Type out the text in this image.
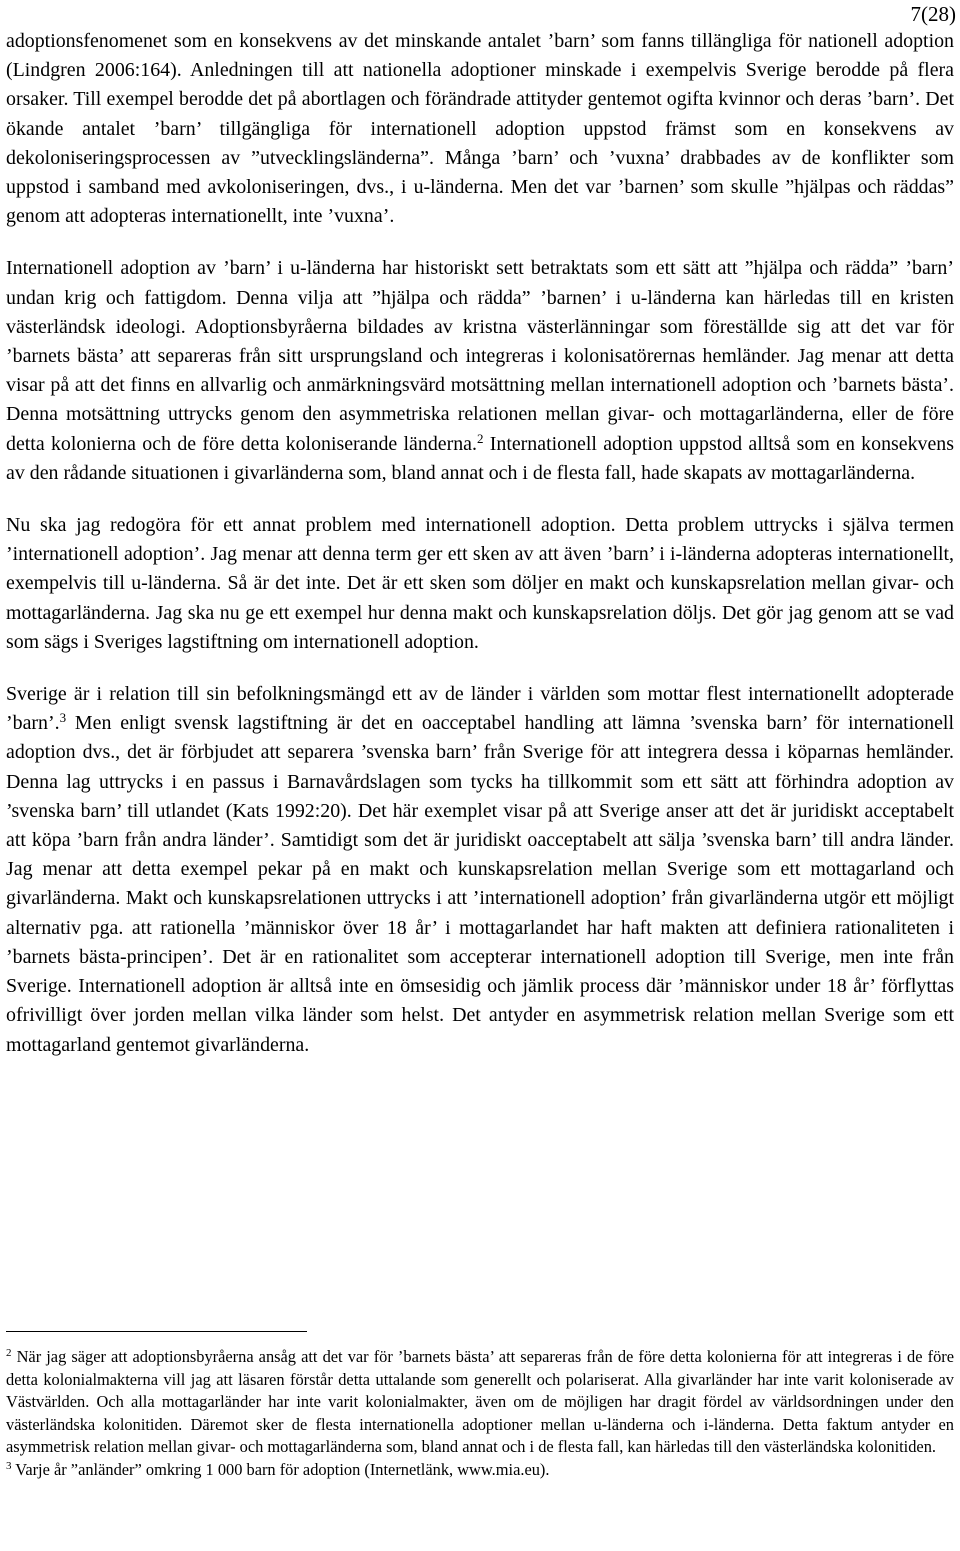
7(28)

adoptionsfenomenet som en konsekvens av det minskande antalet ’barn’ som fanns tillängliga för nationell adoption (Lindgren 2006:164). Anledningen till att nationella adoptioner minskade i exempelvis Sverige berodde på flera orsaker. Till exempel berodde det på abortlagen och förändrade attityder gentemot ogifta kvinnor och deras ’barn’. Det ökande antalet ’barn’ tillgängliga för internationell adoption uppstod främst som en konsekvens av dekoloniseringsprocessen av ”utvecklingsländerna”. Många ’barn’ och ’vuxna’ drabbades av de konflikter som uppstod i samband med avkoloniseringen, dvs., i u-länderna. Men det var ’barnen’ som skulle ”hjälpas och räddas” genom att adopteras internationellt, inte ’vuxna’.

Internationell adoption av ’barn’ i u-länderna har historiskt sett betraktats som ett sätt att ”hjälpa och rädda” ’barn’ undan krig och fattigdom. Denna vilja att ”hjälpa och rädda” ’barnen’ i u-länderna kan härledas till en kristen västerländsk ideologi. Adoptionsbyråerna bildades av kristna västerlänningar som föreställde sig att det var för ’barnets bästa’ att separeras från sitt ursprungsland och integreras i kolonisatörernas hemländer. Jag menar att detta visar på att det finns en allvarlig och anmärkningsvärd motsättning mellan internationell adoption och ’barnets bästa’. Denna motsättning uttrycks genom den asymmetriska relationen mellan givar- och mottagarländerna, eller de före detta kolonierna och de före detta koloniserande länderna.$^2$ Internationell adoption uppstod alltså som en konsekvens av den rådande situationen i givarländerna som, bland annat och i de flesta fall, hade skapats av mottagarländerna.

Nu ska jag redogöra för ett annat problem med internationell adoption. Detta problem uttrycks i själva termen ’internationell adoption’. Jag menar att denna term ger ett sken av att även ’barn’ i i-länderna adopteras internationellt, exempelvis till u-länderna. Så är det inte. Det är ett sken som döljer en makt och kunskapsrelation mellan givar- och mottagarländerna. Jag ska nu ge ett exempel hur denna makt och kunskapsrelation döljs. Det gör jag genom att se vad som sägs i Sveriges lagstiftning om internationell adoption.

Sverige är i relation till sin befolkningsmängd ett av de länder i världen som mottar flest internationellt adopterade ’barn’.$^3$ Men enligt svensk lagstiftning är det en oacceptabel handling att lämna ’svenska barn’ för internationell adoption dvs., det är förbjudet att separera ’svenska barn’ från Sverige för att integrera dessa i köparnas hemländer. Denna lag uttrycks i en passus i Barnavårdslagen som tycks ha tillkommit som ett sätt att förhindra adoption av ’svenska barn’ till utlandet (Kats 1992:20). Det här exemplet visar på att Sverige anser att det är juridiskt acceptabelt att köpa ’barn från andra länder’. Samtidigt som det är juridiskt oacceptabelt att sälja ’svenska barn’ till andra länder. Jag menar att detta exempel pekar på en makt och kunskapsrelation mellan Sverige som ett mottagarland och givarländerna. Makt och kunskapsrelationen uttrycks i att ’internationell adoption’ från givarländerna utgör ett möjligt alternativ pga. att rationella ’människor över 18 år’ i mottagarlandet har haft makten att definiera rationaliteten i ’barnets bästa-principen’. Det är en rationalitet som accepterar internationell adoption till Sverige, men inte från Sverige. Internationell adoption är alltså inte en ömsesidig och jämlik process där ’människor under 18 år’ förflyttas ofrivilligt över jorden mellan vilka länder som helst. Det antyder en asymmetrisk relation mellan Sverige som ett mottagarland gentemot givarländerna.

$^2$ När jag säger att adoptionsbyråerna ansåg att det var för ’barnets bästa’ att separeras från de före detta kolonierna för att integreras i de före detta kolonialmakterna vill jag att läsaren förstår detta uttalande som generellt och polariserat. Alla givarländer har inte varit koloniserade av Västvärlden. Och alla mottagarländer har inte varit kolonialmakter, även om de möjligen har dragit fördel av världsordningen under den västerländska kolonitiden. Däremot sker de flesta internationella adoptioner mellan u-länderna och i-länderna. Detta faktum antyder en asymmetrisk relation mellan givar- och mottagarländerna som, bland annat och i de flesta fall, kan härledas till den västerländska kolonitiden.

$^3$ Varje år ”anländer” omkring 1 000 barn för adoption (Internetlänk, www.mia.eu).
